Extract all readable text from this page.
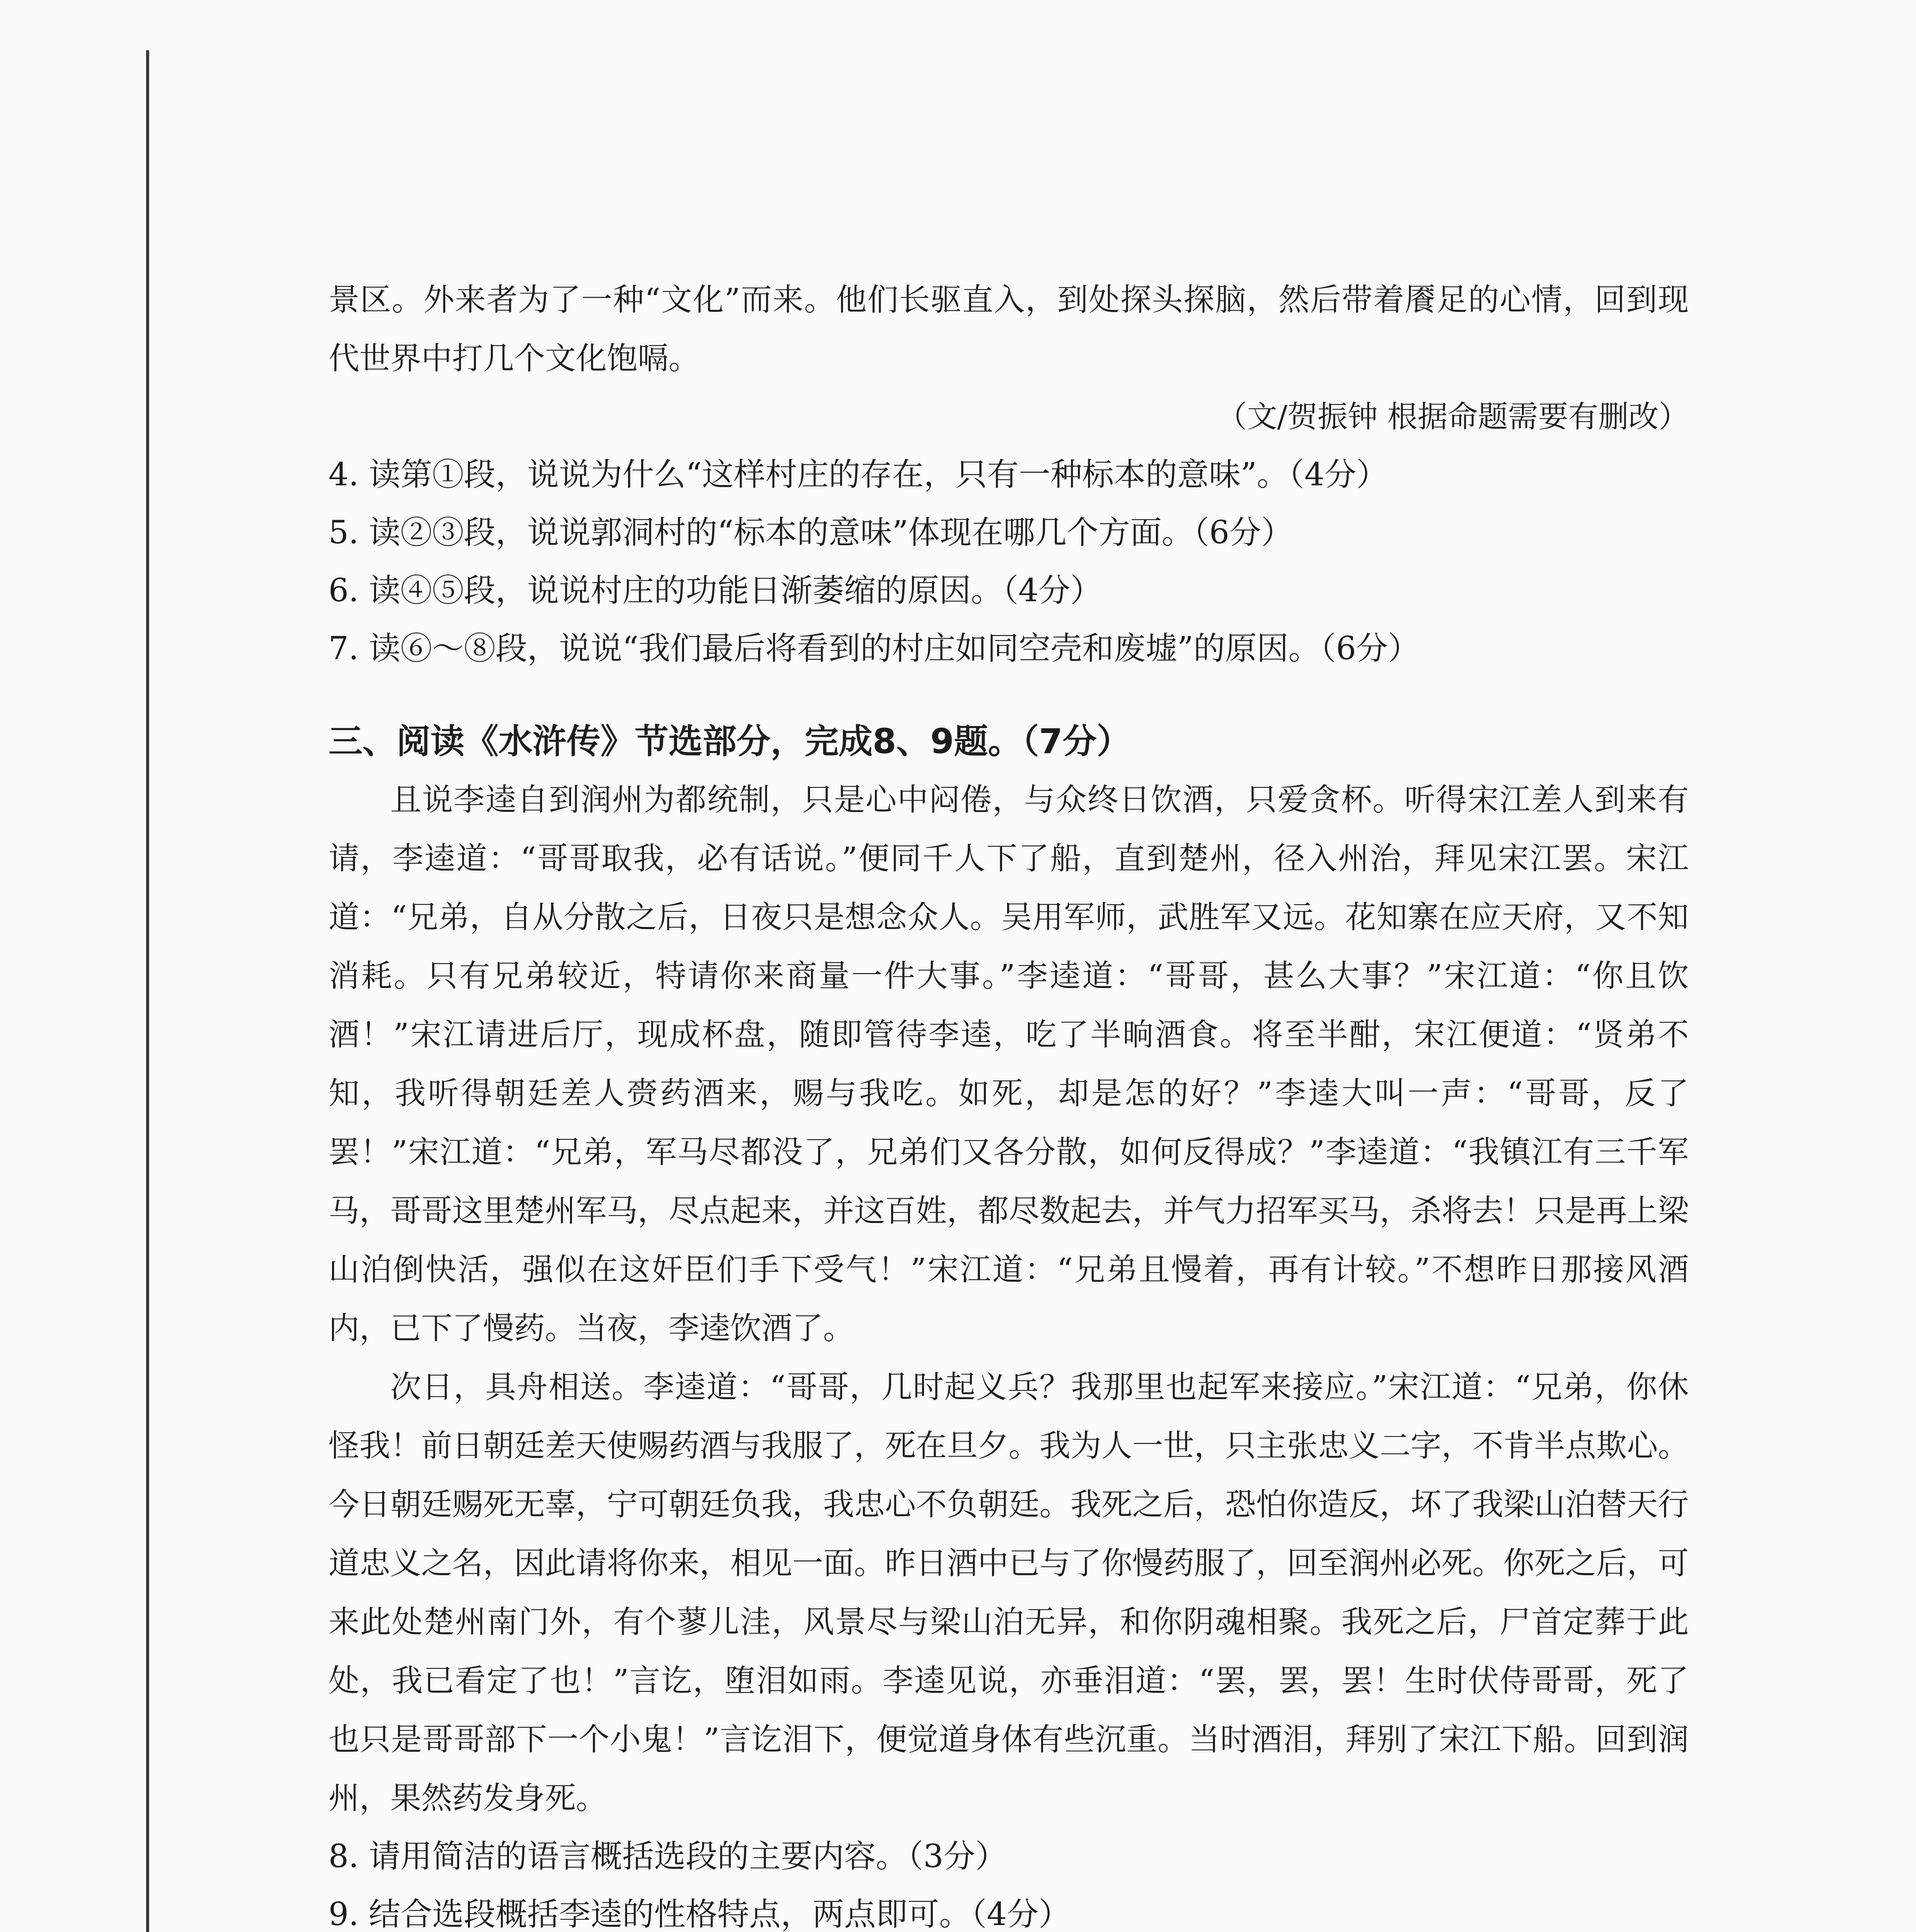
景区。外来者为了一种“文化”而来。他们长驱直入，到处探头探脑，然后带着餍足的心情，回到现代世界中打几个文化饱嗝。

（文/贺振钟 根据命题需要有删改）

4. 读第①段，说说为什么“这样村庄的存在，只有一种标本的意味”。（4分）

5. 读②③段，说说郭洞村的“标本的意味”体现在哪几个方面。（6分）

6. 读④⑤段，说说村庄的功能日渐萎缩的原因。（4分）

7. 读⑥～⑧段，说说“我们最后将看到的村庄如同空壳和废墟”的原因。（6分）

三、阅读《水浒传》节选部分，完成8、9题。（7分）

且说李逵自到润州为都统制，只是心中闷倦，与众终日饮酒，只爱贪杯。听得宋江差人到来有请，李逵道：“哥哥取我，必有话说。”便同千人下了船，直到楚州，径入州治，拜见宋江罢。宋江道：“兄弟，自从分散之后，日夜只是想念众人。吴用军师，武胜军又远。花知寨在应天府，又不知消耗。只有兄弟较近，特请你来商量一件大事。”李逵道：“哥哥，甚么大事？”宋江道：“你且饮酒！”宋江请进后厅，现成杯盘，随即管待李逵，吃了半晌酒食。将至半酣，宋江便道：“贤弟不知，我听得朝廷差人赍药酒来，赐与我吃。如死，却是怎的好？”李逵大叫一声：“哥哥，反了罢！”宋江道：“兄弟，军马尽都没了，兄弟们又各分散，如何反得成？”李逵道：“我镇江有三千军马，哥哥这里楚州军马，尽点起来，并这百姓，都尽数起去，并气力招军买马，杀将去！只是再上梁山泊倒快活，强似在这奸臣们手下受气！”宋江道：“兄弟且慢着，再有计较。”不想昨日那接风酒内，已下了慢药。当夜，李逵饮酒了。

次日，具舟相送。李逵道：“哥哥，几时起义兵？我那里也起军来接应。”宋江道：“兄弟，你休怪我！前日朝廷差天使赐药酒与我服了，死在旦夕。我为人一世，只主张忠义二字，不肯半点欺心。今日朝廷赐死无辜，宁可朝廷负我，我忠心不负朝廷。我死之后，恐怕你造反，坏了我梁山泊替天行道忠义之名，因此请将你来，相见一面。昨日酒中已与了你慢药服了，回至润州必死。你死之后，可来此处楚州南门外，有个蓼儿洼，风景尽与梁山泊无异，和你阴魂相聚。我死之后，尸首定葬于此处，我已看定了也！”言讫，堕泪如雨。李逵见说，亦垂泪道：“罢，罢，罢！生时伏侍哥哥，死了也只是哥哥部下一个小鬼！”言讫泪下，便觉道身体有些沉重。当时酒泪，拜别了宋江下船。回到润州，果然药发身死。

8. 请用简洁的语言概括选段的主要内容。（3分）

9. 结合选段概括李逵的性格特点，两点即可。（4分）
